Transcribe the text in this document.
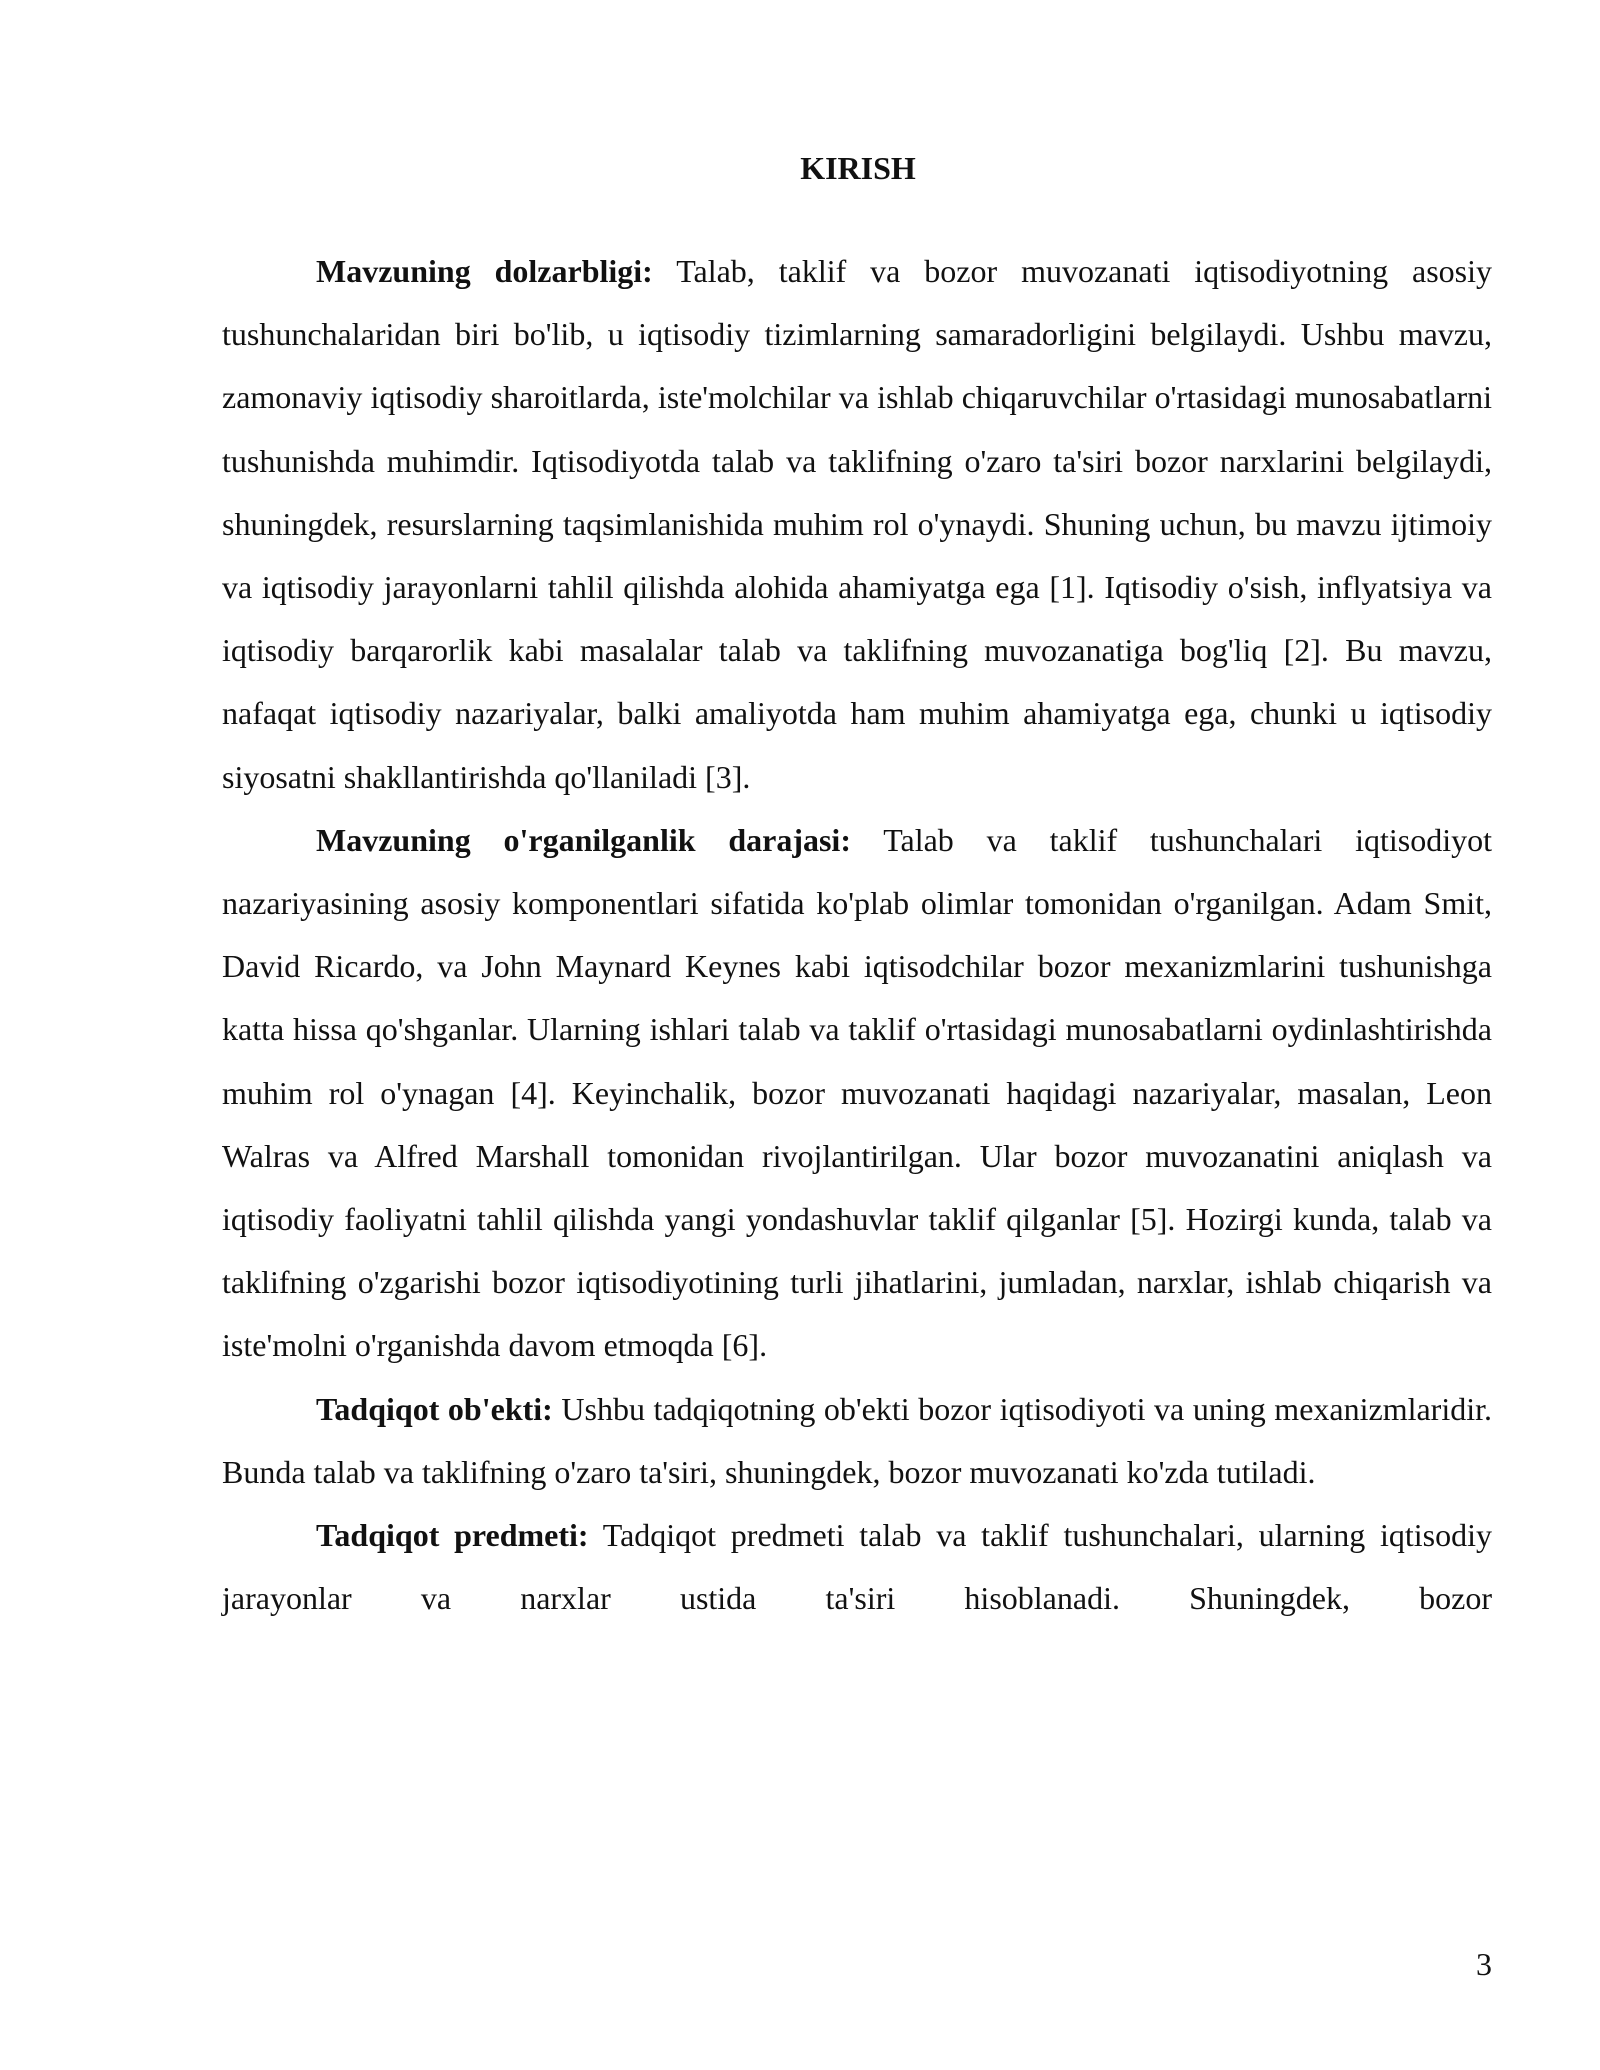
KIRISH

Mavzuning dolzarbligi: Talab, taklif va bozor muvozanati iqtisodiyotning asosiy tushunchalaridan biri bo'lib, u iqtisodiy tizimlarning samaradorligini belgilaydi. Ushbu mavzu, zamonaviy iqtisodiy sharoitlarda, iste'molchilar va ishlab chiqaruvchilar o'rtasidagi munosabatlarni tushunishda muhimdir. Iqtisodiyotda talab va taklifning o'zaro ta'siri bozor narxlarini belgilaydi, shuningdek, resurslarning taqsimlanishida muhim rol o'ynaydi. Shuning uchun, bu mavzu ijtimoiy va iqtisodiy jarayonlarni tahlil qilishda alohida ahamiyatga ega [1]. Iqtisodiy o'sish, inflyatsiya va iqtisodiy barqarorlik kabi masalalar talab va taklifning muvozanatiga bog'liq [2]. Bu mavzu, nafaqat iqtisodiy nazariyalar, balki amaliyotda ham muhim ahamiyatga ega, chunki u iqtisodiy siyosatni shakllantirishda qo'llaniladi [3].

Mavzuning o'rganilganlik darajasi: Talab va taklif tushunchalari iqtisodiyot nazariyasining asosiy komponentlari sifatida ko'plab olimlar tomonidan o'rganilgan. Adam Smit, David Ricardo, va John Maynard Keynes kabi iqtisodchilar bozor mexanizmlarini tushunishga katta hissa qo'shganlar. Ularning ishlari talab va taklif o'rtasidagi munosabatlarni oydinlashtirishda muhim rol o'ynagan [4]. Keyinchalik, bozor muvozanati haqidagi nazariyalar, masalan, Leon Walras va Alfred Marshall tomonidan rivojlantirilgan. Ular bozor muvozanatini aniqlash va iqtisodiy faoliyatni tahlil qilishda yangi yondashuvlar taklif qilganlar [5]. Hozirgi kunda, talab va taklifning o'zgarishi bozor iqtisodiyotining turli jihatlarini, jumladan, narxlar, ishlab chiqarish va iste'molni o'rganishda davom etmoqda [6].

Tadqiqot ob'ekti: Ushbu tadqiqotning ob'ekti bozor iqtisodiyoti va uning mexanizmlaridir. Bunda talab va taklifning o'zaro ta'siri, shuningdek, bozor muvozanati ko'zda tutiladi.

Tadqiqot predmeti: Tadqiqot predmeti talab va taklif tushunchalari, ularning iqtisodiy jarayonlar va narxlar ustida ta'siri hisoblanadi. Shuningdek, bozor

3
